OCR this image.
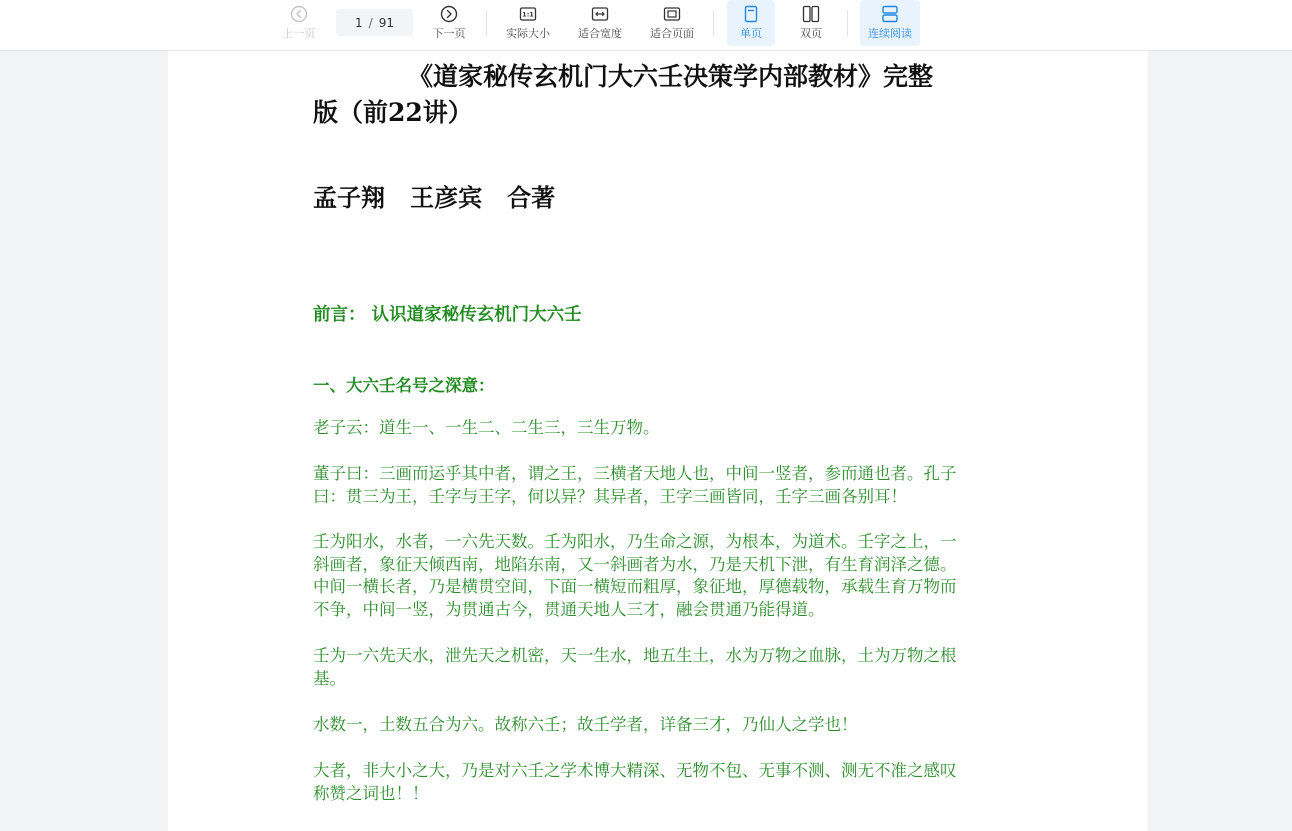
上一页
1 / 91
下一页
1:1
实际大小	适合宽度	适合页面	单页	双页	连续阅读
《道家秘传玄机门大六壬决策学内部教材》完整
版（前22讲）
孟子翔   王彦宾   合著
前言： 认识道家秘传玄机门大六壬
一、大六壬名号之深意：
老子云：道生一、一生二、二生三，三生万物。
董子曰：三画而运乎其中者，谓之王，三横者天地人也，中间一竖者，参而通也者。孔子
曰：贯三为王，壬字与王字，何以异？其异者，王字三画皆同，壬字三画各别耳！
壬为阳水，水者，一六先天数。壬为阳水，乃生命之源，为根本，为道术。壬字之上，一
斜画者，象征天倾西南，地陷东南，又一斜画者为水，乃是天机下泄，有生育润泽之德。
中间一横长者，乃是横贯空间，下面一横短而粗厚，象征地，厚德载物，承载生育万物而
不争，中间一竖，为贯通古今，贯通天地人三才，融会贯通乃能得道。
壬为一六先天水，泄先天之机密，天一生水，地五生土，水为万物之血脉，土为万物之根
基。
水数一，土数五合为六。故称六壬；故壬学者，详备三才，乃仙人之学也！
大者，非大小之大，乃是对六壬之学术博大精深、无物不包、无事不测、测无不准之感叹
称赞之词也！！
